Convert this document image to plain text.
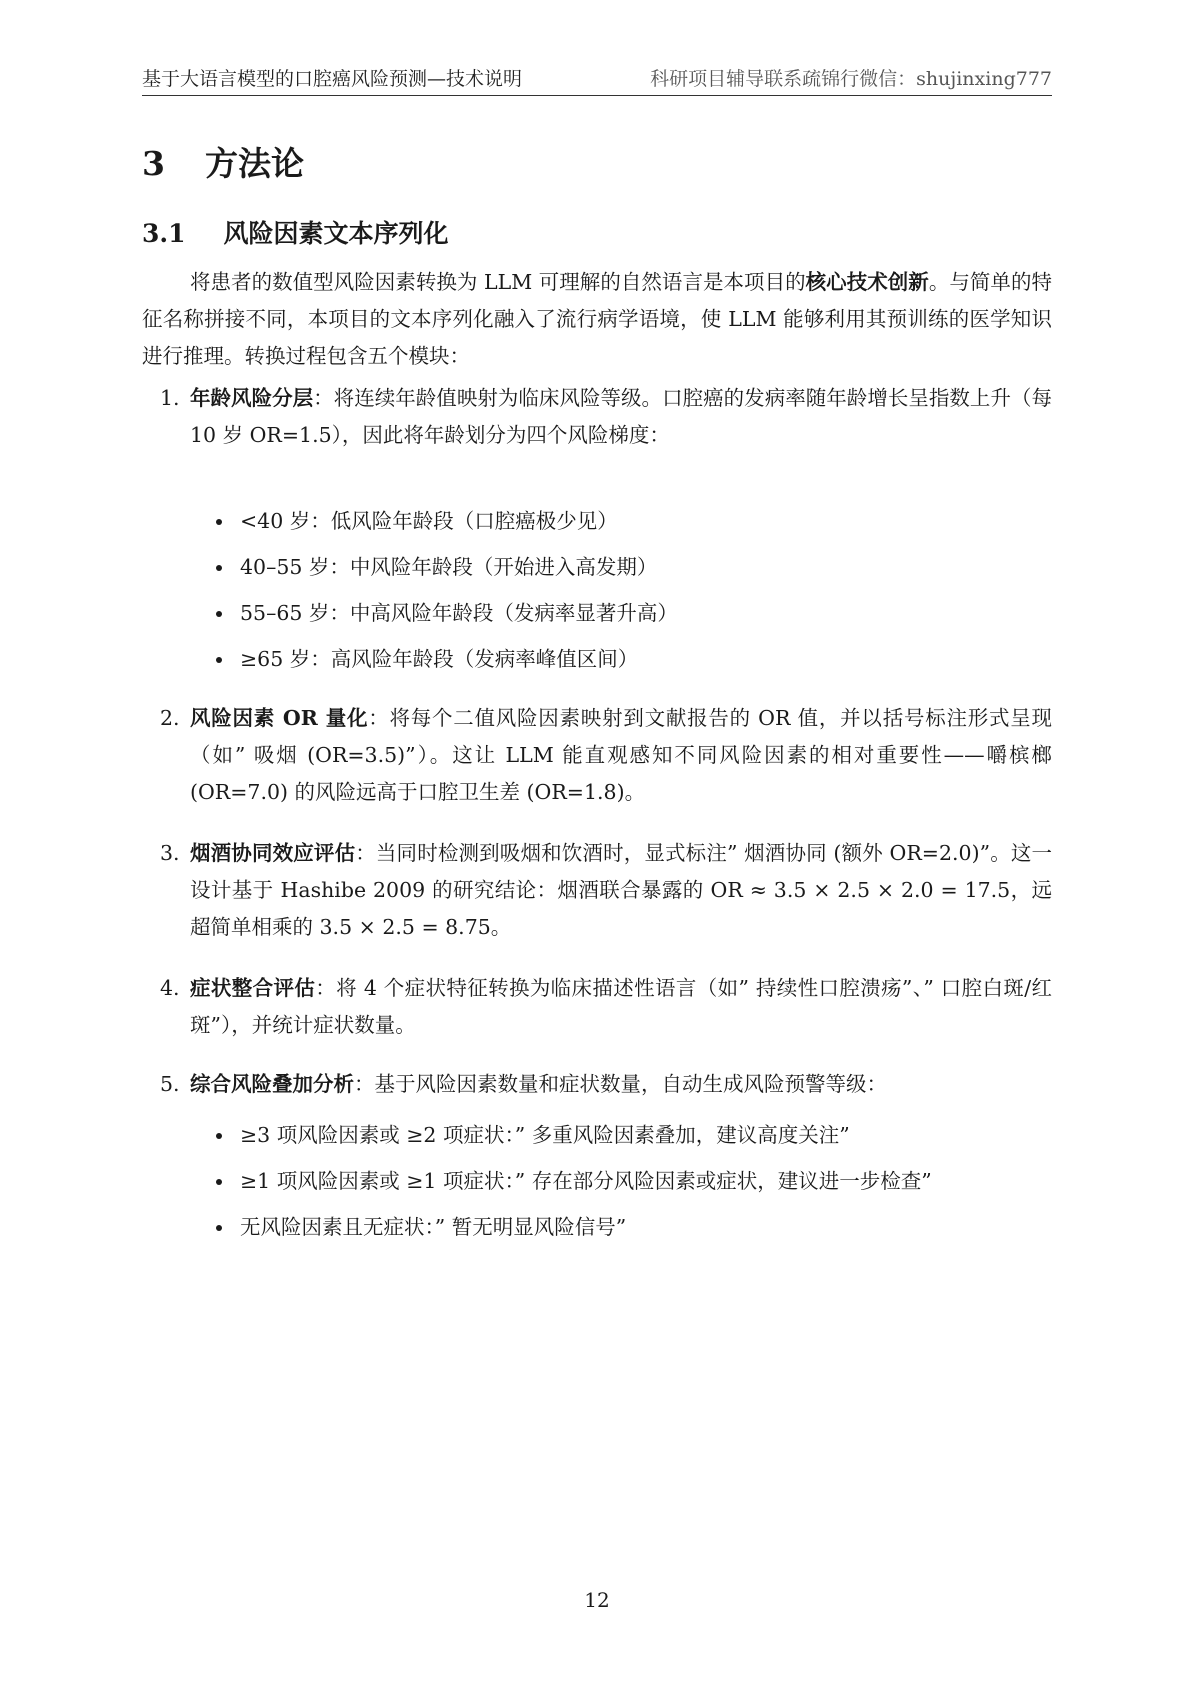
基于大语言模型的口腔癌风险预测—技术说明	科研项目辅导联系疏锦行微信：shujinxing777
3 方法论
3.1 风险因素文本序列化

将患者的数值型风险因素转换为 LLM 可理解的自然语言是本项目的核心技术创新。与简单的特征名称拼接不同，本项目的文本序列化融入了流行病学语境，使 LLM 能够利用其预训练的医学知识进行推理。转换过程包含五个模块：

1. 年龄风险分层：将连续年龄值映射为临床风险等级。口腔癌的发病率随年龄增长呈指数上升（每 10 岁 OR=1.5），因此将年龄划分为四个风险梯度：
<40 岁：低风险年龄段（口腔癌极少见）
40–55 岁：中风险年龄段（开始进入高发期）
55–65 岁：中高风险年龄段（发病率显著升高）
≥65 岁：高风险年龄段（发病率峰值区间）
2. 风险因素 OR 量化：将每个二值风险因素映射到文献报告的 OR 值，并以括号标注形式呈现（如” 吸烟 (OR=3.5)”）。这让 LLM 能直观感知不同风险因素的相对重要性——嚼槟榔 (OR=7.0) 的风险远高于口腔卫生差 (OR=1.8)。
3. 烟酒协同效应评估：当同时检测到吸烟和饮酒时，显式标注” 烟酒协同 (额外 OR=2.0)”。这一设计基于 Hashibe 2009 的研究结论：烟酒联合暴露的 OR ≈ 3.5 × 2.5 × 2.0 = 17.5，远超简单相乘的 3.5 × 2.5 = 8.75。
4. 症状整合评估：将 4 个症状特征转换为临床描述性语言（如” 持续性口腔溃疡”、” 口腔白斑/红斑”），并统计症状数量。
5. 综合风险叠加分析：基于风险因素数量和症状数量，自动生成风险预警等级：
≥3 项风险因素或 ≥2 项症状：” 多重风险因素叠加，建议高度关注”
≥1 项风险因素或 ≥1 项症状：” 存在部分风险因素或症状，建议进一步检查”
无风险因素且无症状：” 暂无明显风险信号”
12
